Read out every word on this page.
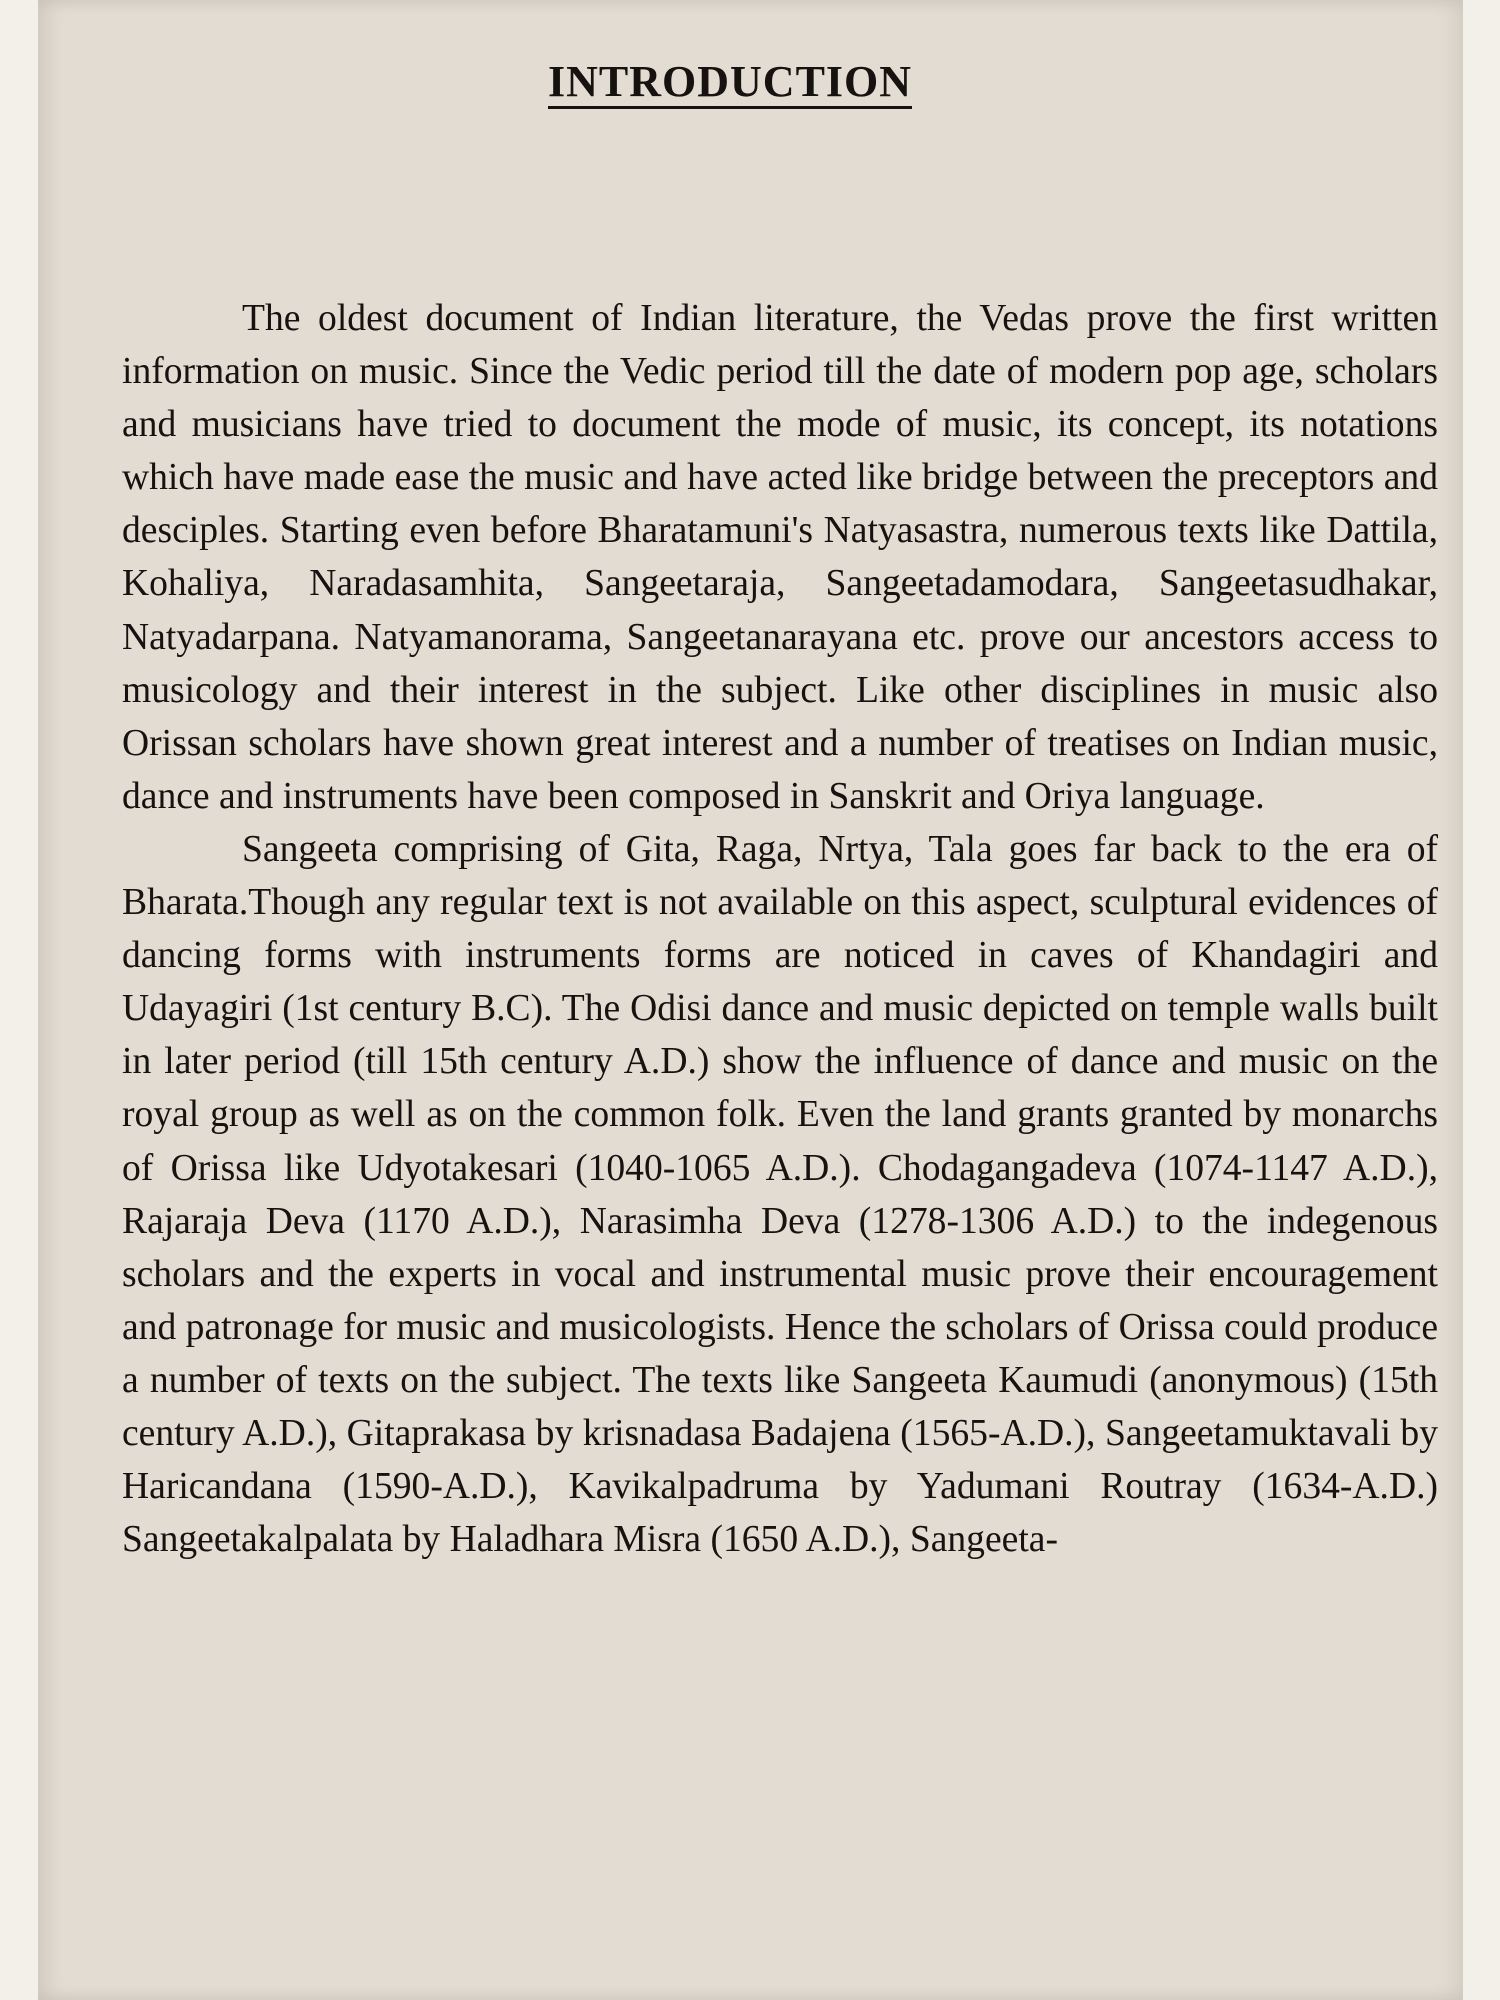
INTRODUCTION

The oldest document of Indian literature, the Vedas prove the first written information on music. Since the Vedic period till the date of modern pop age, scholars and musicians have tried to document the mode of music, its concept, its notations which have made ease the music and have acted like bridge between the preceptors and desciples. Starting even before Bharatamuni's Natyasastra, numerous texts like Dattila, Kohaliya, Naradasamhita, Sangeetaraja, Sangeetadamodara, Sangeetasudhakar, Natyadarpana. Natyamanorama, Sangeetanarayana etc. prove our ancestors access to musicology and their interest in the subject. Like other disciplines in music also Orissan scholars have shown great interest and a number of treatises on Indian music, dance and instruments have been composed in Sanskrit and Oriya language.

Sangeeta comprising of Gita, Raga, Nrtya, Tala goes far back to the era of Bharata.Though any regular text is not available on this aspect, sculptural evidences of dancing forms with instruments forms are noticed in caves of Khandagiri and Udayagiri (1st century B.C). The Odisi dance and music depicted on temple walls built in later period (till 15th century A.D.) show the influence of dance and music on the royal group as well as on the common folk. Even the land grants granted by monarchs of Orissa like Udyotakesari (1040-1065 A.D.). Chodagangadeva (1074-1147 A.D.), Rajaraja Deva (1170 A.D.), Narasimha Deva (1278-1306 A.D.) to the indegenous scholars and the experts in vocal and instrumental music prove their encouragement and patronage for music and musicologists. Hence the scholars of Orissa could produce a number of texts on the subject. The texts like Sangeeta Kaumudi (anonymous) (15th century A.D.), Gitaprakasa by krisnadasa Badajena (1565-A.D.), Sangeetamuktavali by Haricandana (1590-A.D.), Kavikalpadruma by Yadumani Routray (1634-A.D.) Sangeetakalpalata by Haladhara Misra (1650 A.D.), Sangeeta-
